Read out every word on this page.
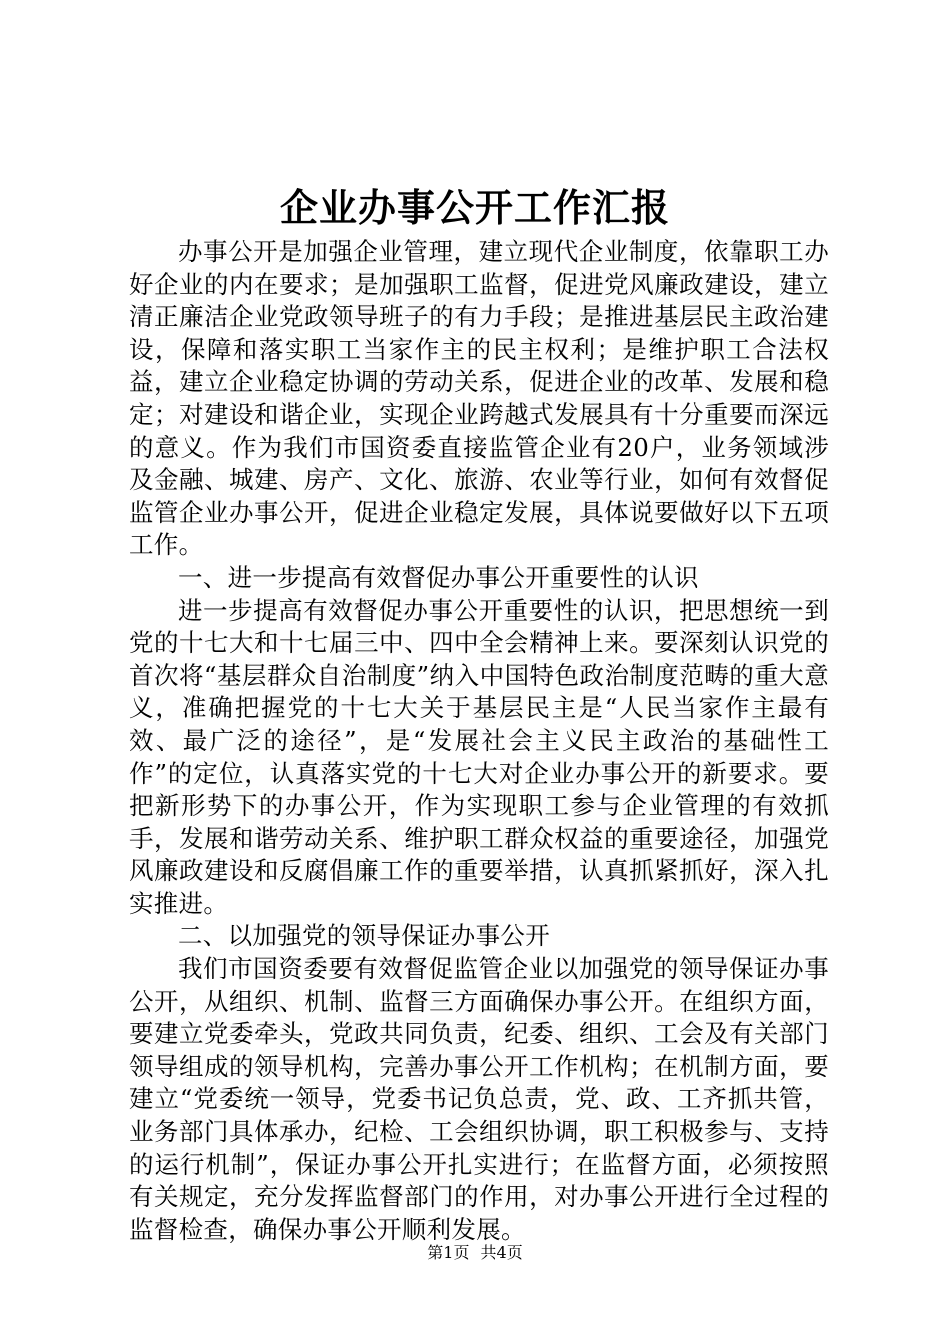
企业办事公开工作汇报

办事公开是加强企业管理，建立现代企业制度，依靠职工办好企业的内在要求；是加强职工监督，促进党风廉政建设，建立清正廉洁企业党政领导班子的有力手段；是推进基层民主政治建设，保障和落实职工当家作主的民主权利；是维护职工合法权益，建立企业稳定协调的劳动关系，促进企业的改革、发展和稳定；对建设和谐企业，实现企业跨越式发展具有十分重要而深远的意义。作为我们市国资委直接监管企业有20户，业务领域涉及金融、城建、房产、文化、旅游、农业等行业，如何有效督促监管企业办事公开，促进企业稳定发展，具体说要做好以下五项工作。

一、进一步提高有效督促办事公开重要性的认识

进一步提高有效督促办事公开重要性的认识，把思想统一到党的十七大和十七届三中、四中全会精神上来。要深刻认识党的首次将“基层群众自治制度”纳入中国特色政治制度范畴的重大意义，准确把握党的十七大关于基层民主是“人民当家作主最有效、最广泛的途径”，是“发展社会主义民主政治的基础性工作”的定位，认真落实党的十七大对企业办事公开的新要求。要把新形势下的办事公开，作为实现职工参与企业管理的有效抓手，发展和谐劳动关系、维护职工群众权益的重要途径，加强党风廉政建设和反腐倡廉工作的重要举措，认真抓紧抓好，深入扎实推进。

二、以加强党的领导保证办事公开

我们市国资委要有效督促监管企业以加强党的领导保证办事公开，从组织、机制、监督三方面确保办事公开。在组织方面，要建立党委牵头，党政共同负责，纪委、组织、工会及有关部门领导组成的领导机构，完善办事公开工作机构；在机制方面，要建立“党委统一领导，党委书记负总责，党、政、工齐抓共管，业务部门具体承办，纪检、工会组织协调，职工积极参与、支持的运行机制”，保证办事公开扎实进行；在监督方面，必须按照有关规定，充分发挥监督部门的作用，对办事公开进行全过程的监督检查，确保办事公开顺利发展。

第1页 共4页
